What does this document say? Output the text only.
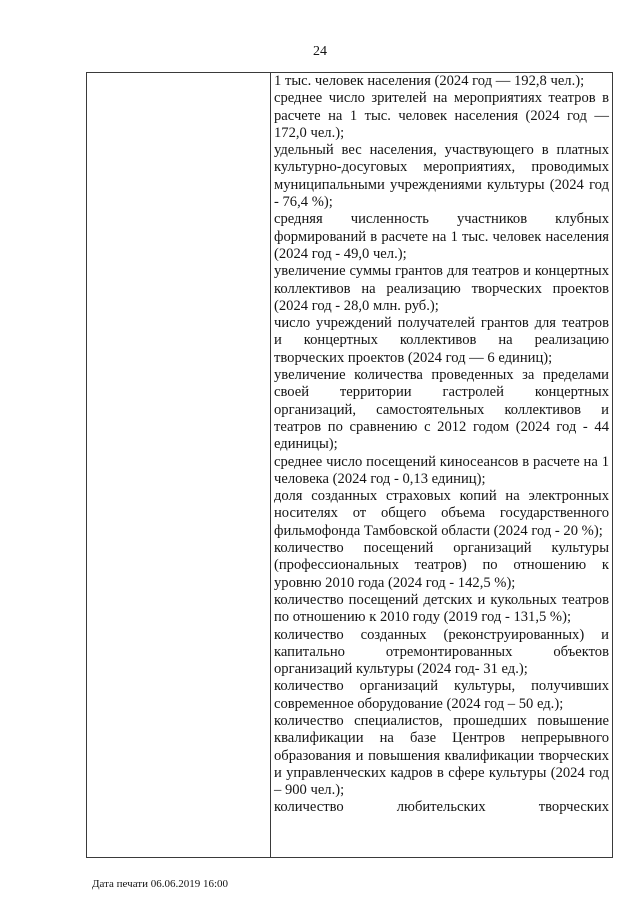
24

1 тыс. человек населения (2024 год — 192,8 чел.);

среднее число зрителей на мероприятиях театров в расчете на 1 тыс. человек населения (2024 год — 172,0 чел.);

удельный вес населения, участвующего в платных культурно-досуговых мероприятиях, проводимых муниципальными учреждениями культуры (2024 год - 76,4 %);

средняя численность участников клубных формирований в расчете на 1 тыс. человек населения (2024 год - 49,0 чел.);

увеличение суммы грантов для театров и концертных коллективов на реализацию творческих проектов (2024 год - 28,0 млн. руб.);

число учреждений получателей грантов для театров и концертных коллективов на реализацию творческих проектов (2024 год — 6 единиц);

увеличение количества проведенных за пределами своей территории гастролей концертных организаций, самостоятельных коллективов и театров по сравнению с 2012 годом (2024 год - 44 единицы);

среднее число посещений киносеансов в расчете на 1 человека (2024 год - 0,13 единиц);

доля созданных страховых копий на электронных носителях от общего объема государственного фильмофонда Тамбовской области (2024 год - 20 %);

количество посещений организаций культуры (профессиональных театров) по отношению к уровню 2010 года (2024 год - 142,5 %);

количество посещений детских и кукольных театров по отношению к 2010 году (2019 год - 131,5 %);

количество созданных (реконструированных) и капитально отремонтированных объектов организаций культуры (2024 год- 31 ед.);

количество организаций культуры, получивших современное оборудование (2024 год – 50 ед.);

количество специалистов, прошедших повышение квалификации на базе Центров непрерывного образования и повышения квалификации творческих и управленческих кадров в сфере культуры (2024 год – 900 чел.);

количество любительских творческих

Дата печати 06.06.2019 16:00
